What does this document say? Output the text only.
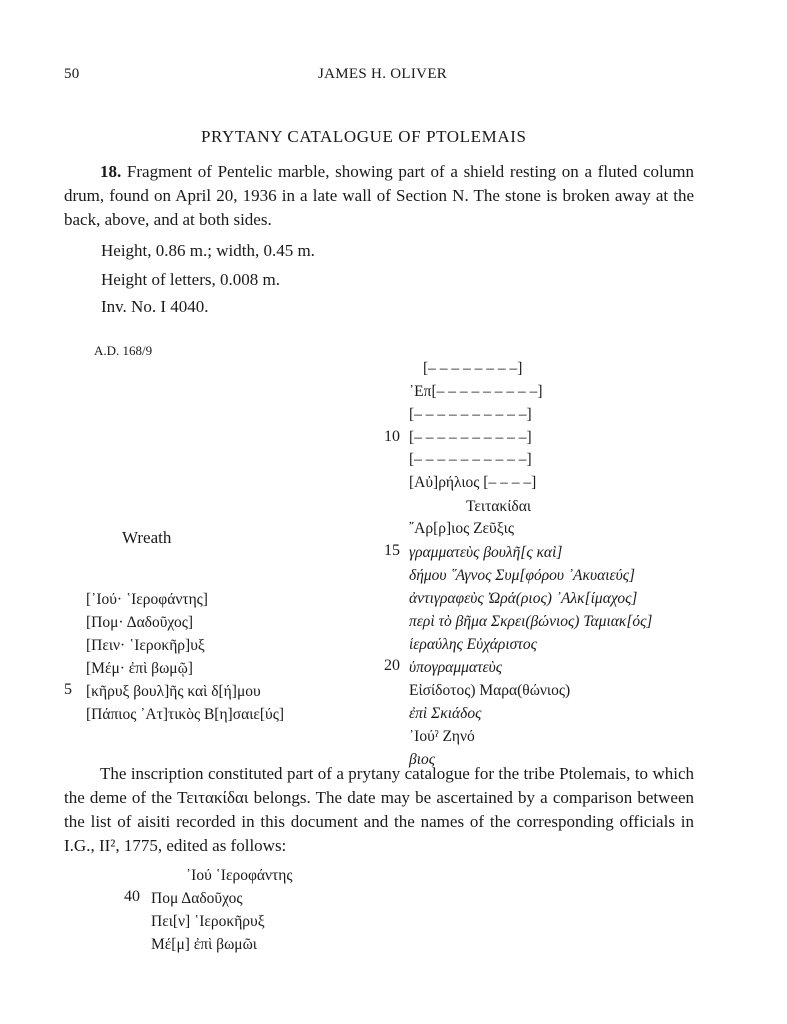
50	JAMES H. OLIVER
PRYTANY CATALOGUE OF PTOLEMAIS
18. Fragment of Pentelic marble, showing part of a shield resting on a fluted column drum, found on April 20, 1936 in a late wall of Section N. The stone is broken away at the back, above, and at both sides.
Height, 0.86 m.; width, 0.45 m.
Height of letters, 0.008 m.
Inv. No. I 4040.
A.D. 168/9
[– – – – – – – –]
᾽Επ[– – – – – – – – –]
[– – – – – – – – – –]
10 [– – – – – – – – – –]
[– – – – – – – – – –]
[Αὐ]ρήλιος [– – – –]
Τειτακίδαι
῎Αρ[ρ]ιος Ζεῦξις
Wreath
15 γραμματεὺς βουλῆ[ς καὶ]
δήμου ῞Αγνος Συμ[φόρου ᾽Ακυαιεύς]
ἀντιγραφεὺς Ὠρά(ριος) ᾽Αλκ[ίμαχος]
περὶ τὸ βῆμα Σκρει(βώνιος) Ταμιακ[ός]
ἱεραύλης Εὐχάριστος
20 ὑπογραμματεὺς
Εἰσίδοτος) Μαρα(θώνιος)
ἐπὶ Σκιάδος
᾽Ιούˀ Ζηνό
βιος
[᾽Ιού· ῾Ιεροφάντης]
[Πομ· Δαδοῦχος]
[Πειν· ῾Ιεροκῆρ]υξ
[Μέμ· ἐπὶ βωμῷ]
5 [κῆρυξ βουλ]ῆς καὶ δ[ή]μου
[Πάπιος ᾽Ατ]τικὸς Β[η]σαιε[ύς]
The inscription constituted part of a prytany catalogue for the tribe Ptolemais, to which the deme of the Τειτακίδαι belongs. The date may be ascertained by a comparison between the list of aisiti recorded in this document and the names of the corresponding officials in I.G., II², 1775, edited as follows:
᾽Ιού ῾Ιεροφάντης
40 Πομ Δαδοῦχος
Πει[ν] ῾Ιεροκῆρυξ
Μέ[μ] ἐπὶ βωμῶι
